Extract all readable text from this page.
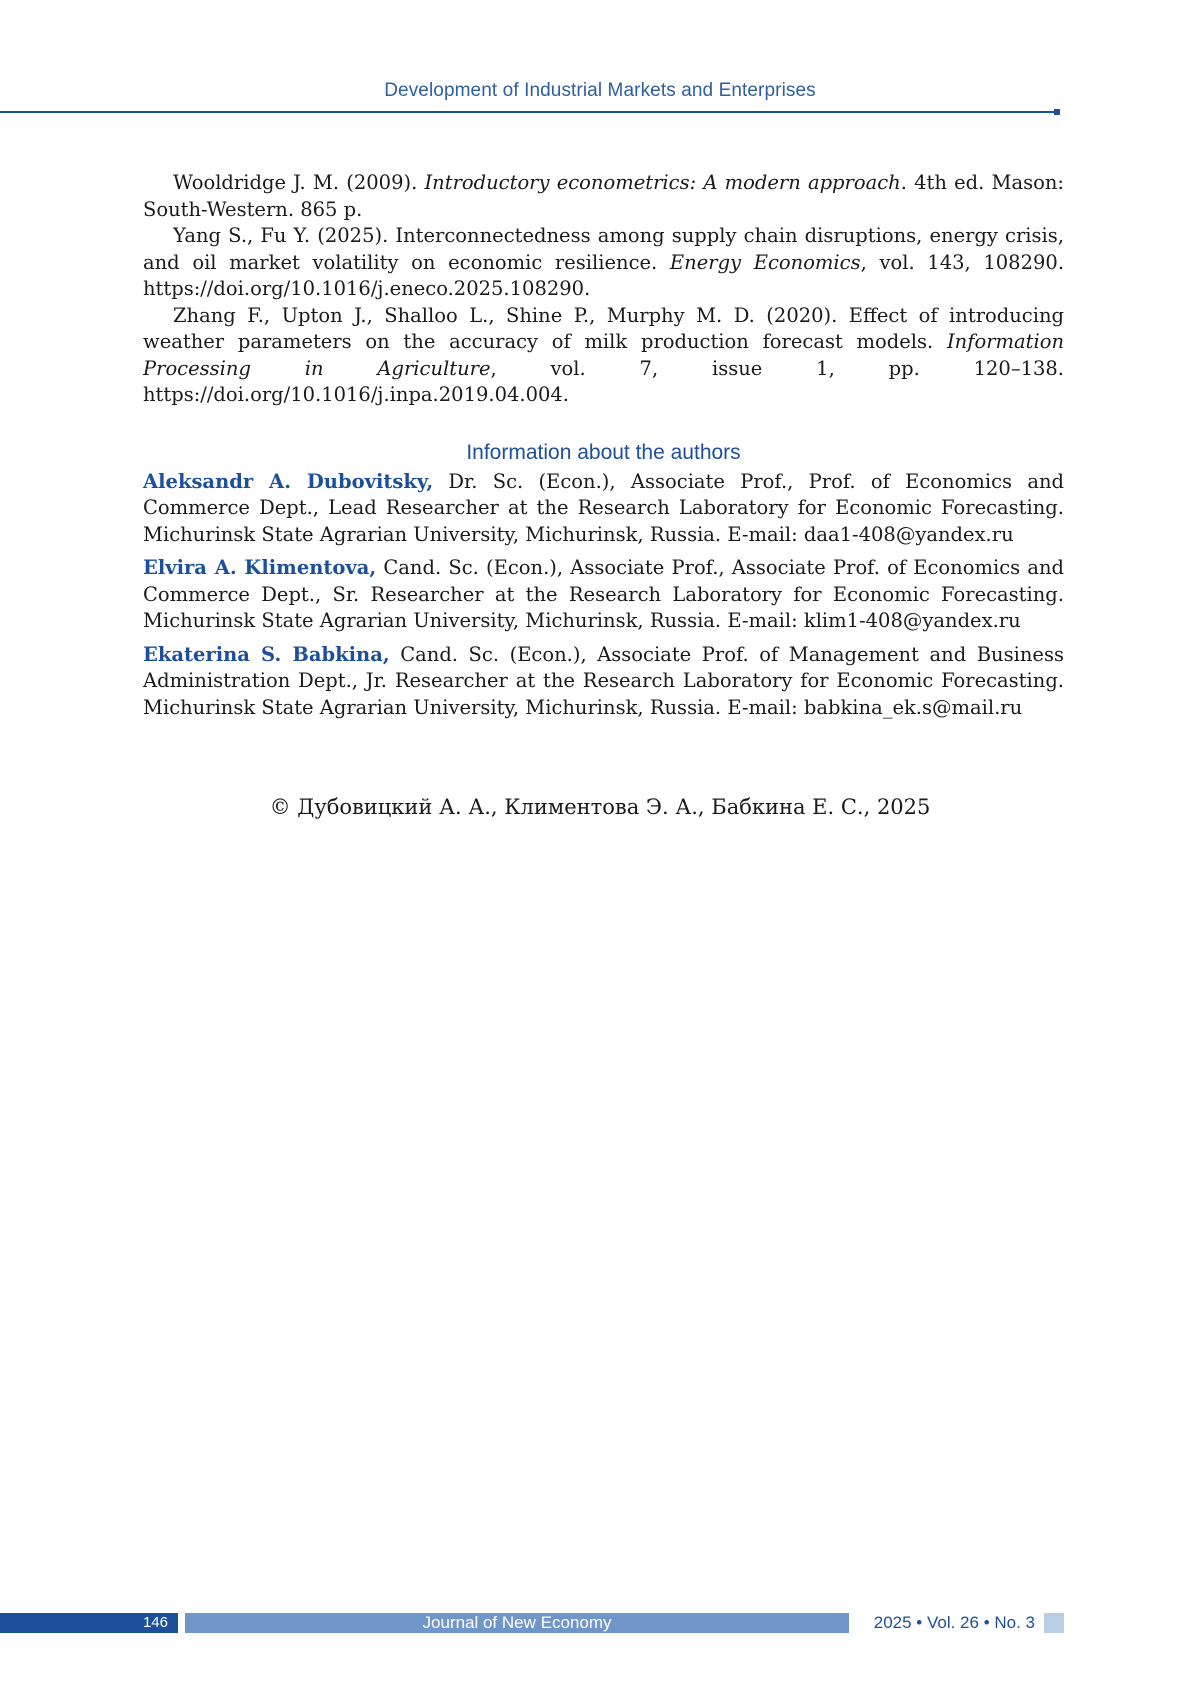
Development of Industrial Markets and Enterprises

Wooldridge J. M. (2009). Introductory econometrics: A modern approach. 4th ed. Mason: South-Western. 865 p.

Yang S., Fu Y. (2025). Interconnectedness among supply chain disruptions, energy crisis, and oil market volatility on economic resilience. Energy Economics, vol. 143, 108290. https://doi.org/10.1016/j.eneco.2025.108290.

Zhang F., Upton J., Shalloo L., Shine P., Murphy M. D. (2020). Effect of introducing weather parameters on the accuracy of milk production forecast models. Information Processing in Agriculture, vol. 7, issue 1, pp. 120–138. https://doi.org/10.1016/j.inpa.2019.04.004.

Information about the authors

Aleksandr A. Dubovitsky, Dr. Sc. (Econ.), Associate Prof., Prof. of Economics and Commerce Dept., Lead Researcher at the Research Laboratory for Economic Forecasting. Michurinsk State Agrarian University, Michurinsk, Russia. E-mail: daa1-408@yandex.ru

Elvira A. Klimentova, Cand. Sc. (Econ.), Associate Prof., Associate Prof. of Economics and Commerce Dept., Sr. Researcher at the Research Laboratory for Economic Forecasting. Michurinsk State Agrarian University, Michurinsk, Russia. E-mail: klim1-408@yandex.ru

Ekaterina S. Babkina, Cand. Sc. (Econ.), Associate Prof. of Management and Business Administration Dept., Jr. Researcher at the Research Laboratory for Economic Forecasting. Michurinsk State Agrarian University, Michurinsk, Russia. E-mail: babkina_ek.s@mail.ru

© Дубовицкий А. А., Климентова Э. А., Бабкина Е. С., 2025
146	Journal of New Economy	2025 • Vol. 26 • No. 3
